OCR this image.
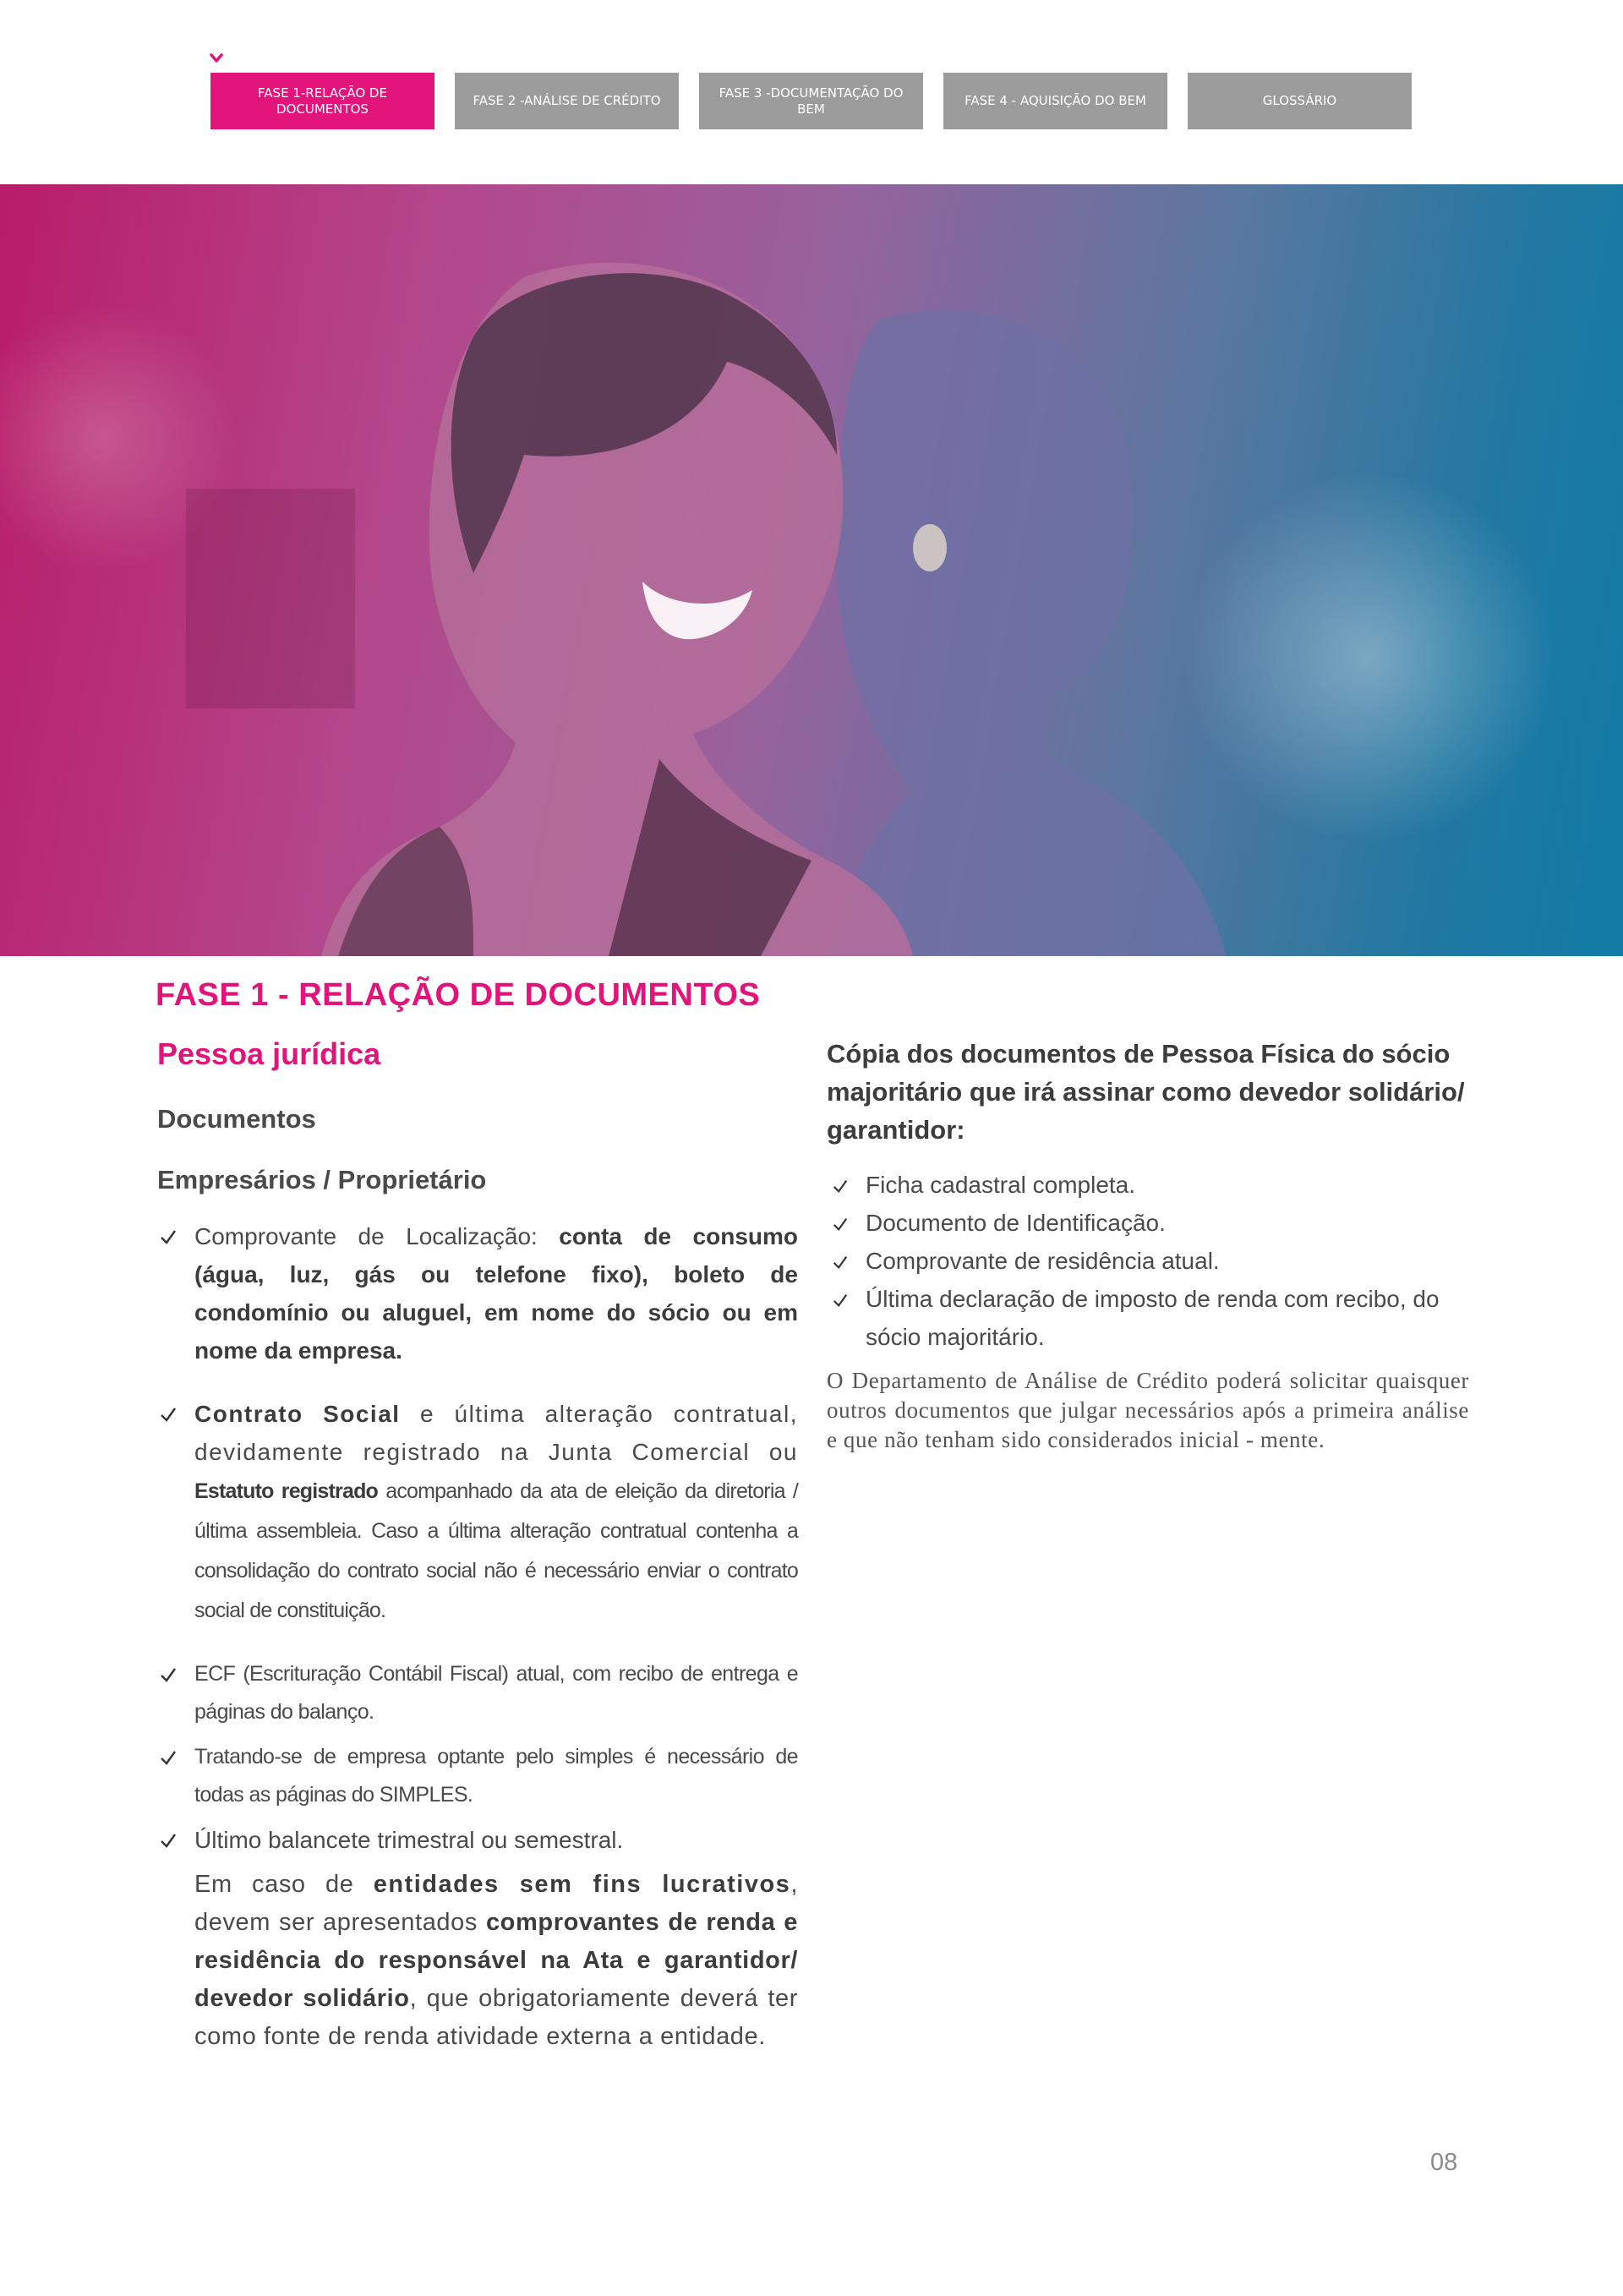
FASE 1-RELAÇÃO DE DOCUMENTOS
FASE 2 -ANÁLISE DE CRÉDITO
FASE 3 -DOCUMENTAÇÃO DO BEM
FASE 4 - AQUISIÇÃO DO BEM	GLOSSÁRIO
FASE 1 - RELAÇÃO DE DOCUMENTOS
Pessoa jurídica
Documentos
Empresários / Proprietário
Comprovante de Localização: conta de consumo (água, luz, gás ou telefone fixo), boleto de condomínio ou aluguel, em nome do sócio ou em nome da empresa.
Contrato Social e última alteração contratual, devidamente registrado na Junta Comercial ou Estatuto registrado acompanhado da ata de eleição da diretoria / última assembleia. Caso a última alteração contratual contenha a consolidação do contrato social não é necessário enviar o contrato social de constituição.
ECF (Escrituração Contábil Fiscal) atual, com recibo de entrega e páginas do balanço.
Tratando-se de empresa optante pelo simples é necessário de todas as páginas do SIMPLES.
Último balancete trimestral ou semestral.
Em caso de entidades sem fins lucrativos, devem ser apresentados comprovantes de renda e residência do responsável na Ata e garantidor/ devedor solidário, que obrigatoriamente deverá ter como fonte de renda atividade externa a entidade.
Cópia dos documentos de Pessoa Física do sócio majoritário que irá assinar como devedor solidário/ garantidor:
Ficha cadastral completa.
Documento de Identificação.
Comprovante de residência atual.
Última declaração de imposto de renda com recibo, do sócio majoritário.
O Departamento de Análise de Crédito poderá solicitar quaisquer outros documentos que julgar necessários após a primeira análise e que não tenham sido considerados inicial - mente.
08
